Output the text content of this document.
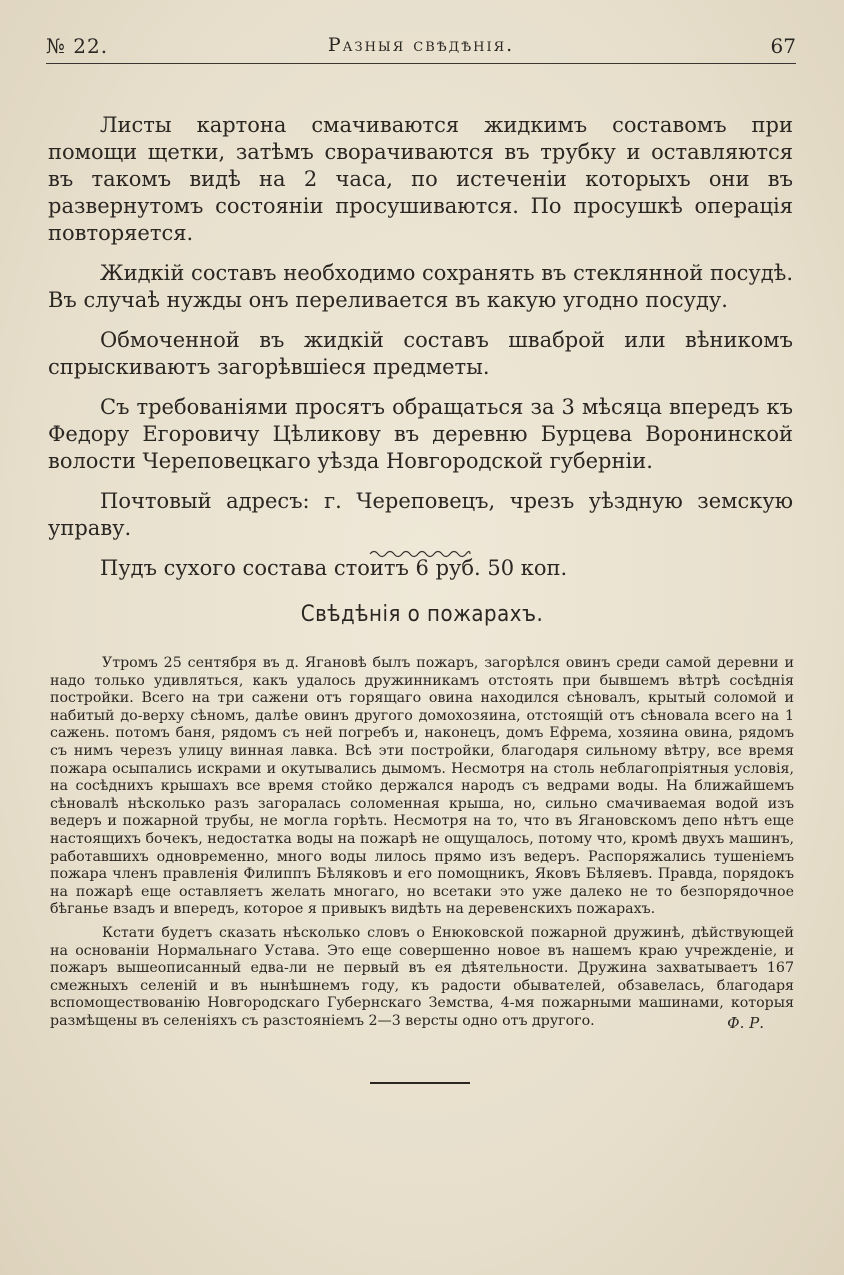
№ 22.	Разныя свѣдѣнія.	67

Листы картона смачиваются жидкимъ составомъ при помощи щетки, затѣмъ сворачиваются въ трубку и оставляются въ такомъ видѣ на 2 часа, по истеченіи которыхъ они въ развернутомъ состояніи просушиваются. По просушкѣ операція повторяется.

Жидкій составъ необходимо сохранять въ стеклянной посудѣ. Въ случаѣ нужды онъ переливается въ какую угодно посуду.

Обмоченной въ жидкій составъ шваброй или вѣникомъ спрыскиваютъ загорѣвшіеся предметы.

Съ требованіями просятъ обращаться за 3 мѣсяца впередъ къ Федору Егоровичу Цѣликову въ деревню Бурцева Воронинской волости Череповецкаго уѣзда Новгородской губерніи.

Почтовый адресъ: г. Череповецъ, чрезъ уѣздную земскую управу.

Пудъ сухого состава стоитъ 6 руб. 50 коп.

Свѣдѣнія о пожарахъ.

Утромъ 25 сентября въ д. Ягановѣ былъ пожаръ, загорѣлся овинъ среди самой деревни и надо только удивляться, какъ удалось дружинникамъ отстоять при бывшемъ вѣтрѣ сосѣднія постройки. Всего на три сажени отъ горящаго овина находился сѣновалъ, крытый соломой и набитый до-верху сѣномъ, далѣе овинъ другого домохозяина, отстоящій отъ сѣновала всего на 1 сажень. потомъ баня, рядомъ съ ней погребъ и, наконецъ, домъ Ефрема, хозяина овина, рядомъ съ нимъ черезъ улицу винная лавка. Всѣ эти постройки, благодаря сильному вѣтру, все время пожара осыпались искрами и окутывались дымомъ. Несмотря на столь неблагопріятныя условія, на сосѣднихъ крышахъ все время стойко держался народъ съ ведрами воды. На ближайшемъ сѣновалѣ нѣсколько разъ загоралась соломенная крыша, но, сильно смачиваемая водой изъ ведеръ и пожарной трубы, не могла горѣть. Несмотря на то, что въ Ягановскомъ депо нѣтъ еще настоящихъ бочекъ, недостатка воды на пожарѣ не ощущалось, потому что, кромѣ двухъ машинъ, работавшихъ одновременно, много воды лилось прямо изъ ведеръ. Распоряжались тушеніемъ пожара членъ правленія Филиппъ Бѣляковъ и его помощникъ, Яковъ Бѣляевъ. Правда, порядокъ на пожарѣ еще оставляетъ желать многаго, но всетаки это уже далеко не то безпорядочное бѣганье взадъ и впередъ, которое я привыкъ видѣть на деревенскихъ пожарахъ.

Кстати будетъ сказать нѣсколько словъ о Енюковской пожарной дружинѣ, дѣйствующей на основаніи Нормальнаго Устава. Это еще совершенно новое въ нашемъ краю учрежденіе, и пожаръ вышеописанный едва-ли не первый въ ея дѣятельности. Дружина захватываетъ 167 смежныхъ селеній и въ нынѣшнемъ году, къ радости обывателей, обзавелась, благодаря вспомоществованію Новгородскаго Губернскаго Земства, 4-мя пожарными машинами, которыя размѣщены въ селеніяхъ съ разстояніемъ 2—3 версты одно отъ другого.	Ф. Р.
